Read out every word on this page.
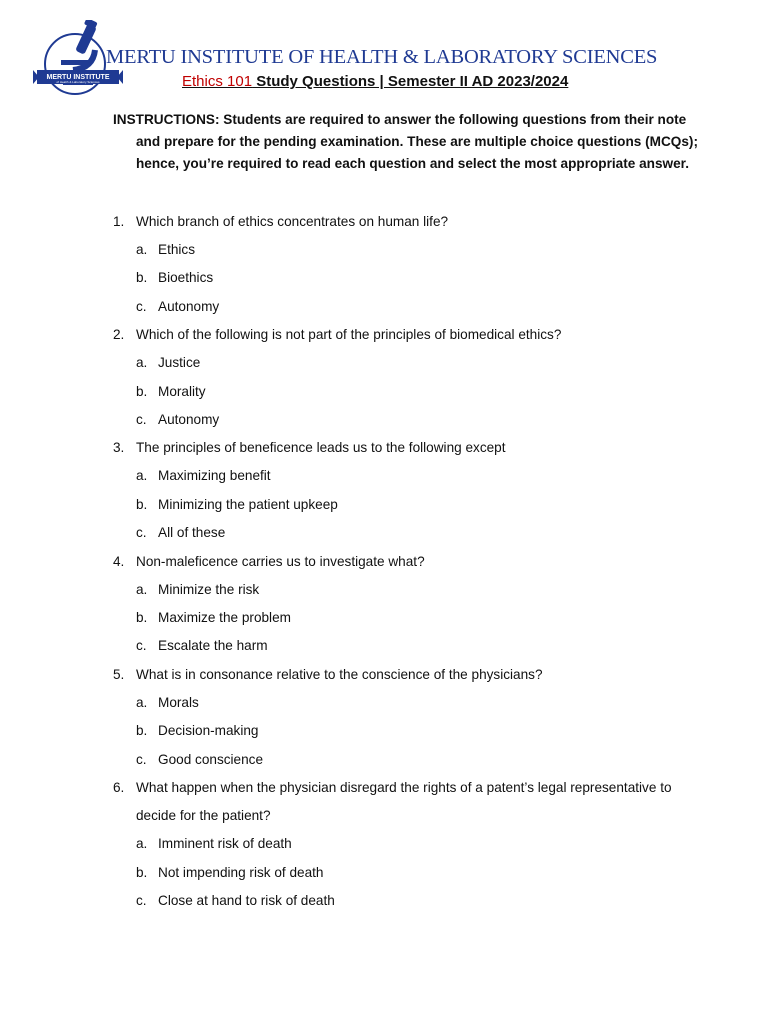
MERTU INSTITUTE
of Health & Laboratory Sciences
MERTU INSTITUTE OF HEALTH & LABORATORY SCIENCES
Ethics 101 Study Questions | Semester II AD 2023/2024
INSTRUCTIONS: Students are required to answer the following questions from their note and prepare for the pending examination. These are multiple choice questions (MCQs); hence, you’re required to read each question and select the most appropriate answer.
1. Which branch of ethics concentrates on human life?
a. Ethics
b. Bioethics
c. Autonomy
2. Which of the following is not part of the principles of biomedical ethics?
a. Justice
b. Morality
c. Autonomy
3. The principles of beneficence leads us to the following except
a. Maximizing benefit
b. Minimizing the patient upkeep
c. All of these
4. Non-maleficence carries us to investigate what?
a. Minimize the risk
b. Maximize the problem
c. Escalate the harm
5. What is in consonance relative to the conscience of the physicians?
a. Morals
b. Decision-making
c. Good conscience
6. What happen when the physician disregard the rights of a patent’s legal representative to decide for the patient?
a. Imminent risk of death
b. Not impending risk of death
c. Close at hand to risk of death
